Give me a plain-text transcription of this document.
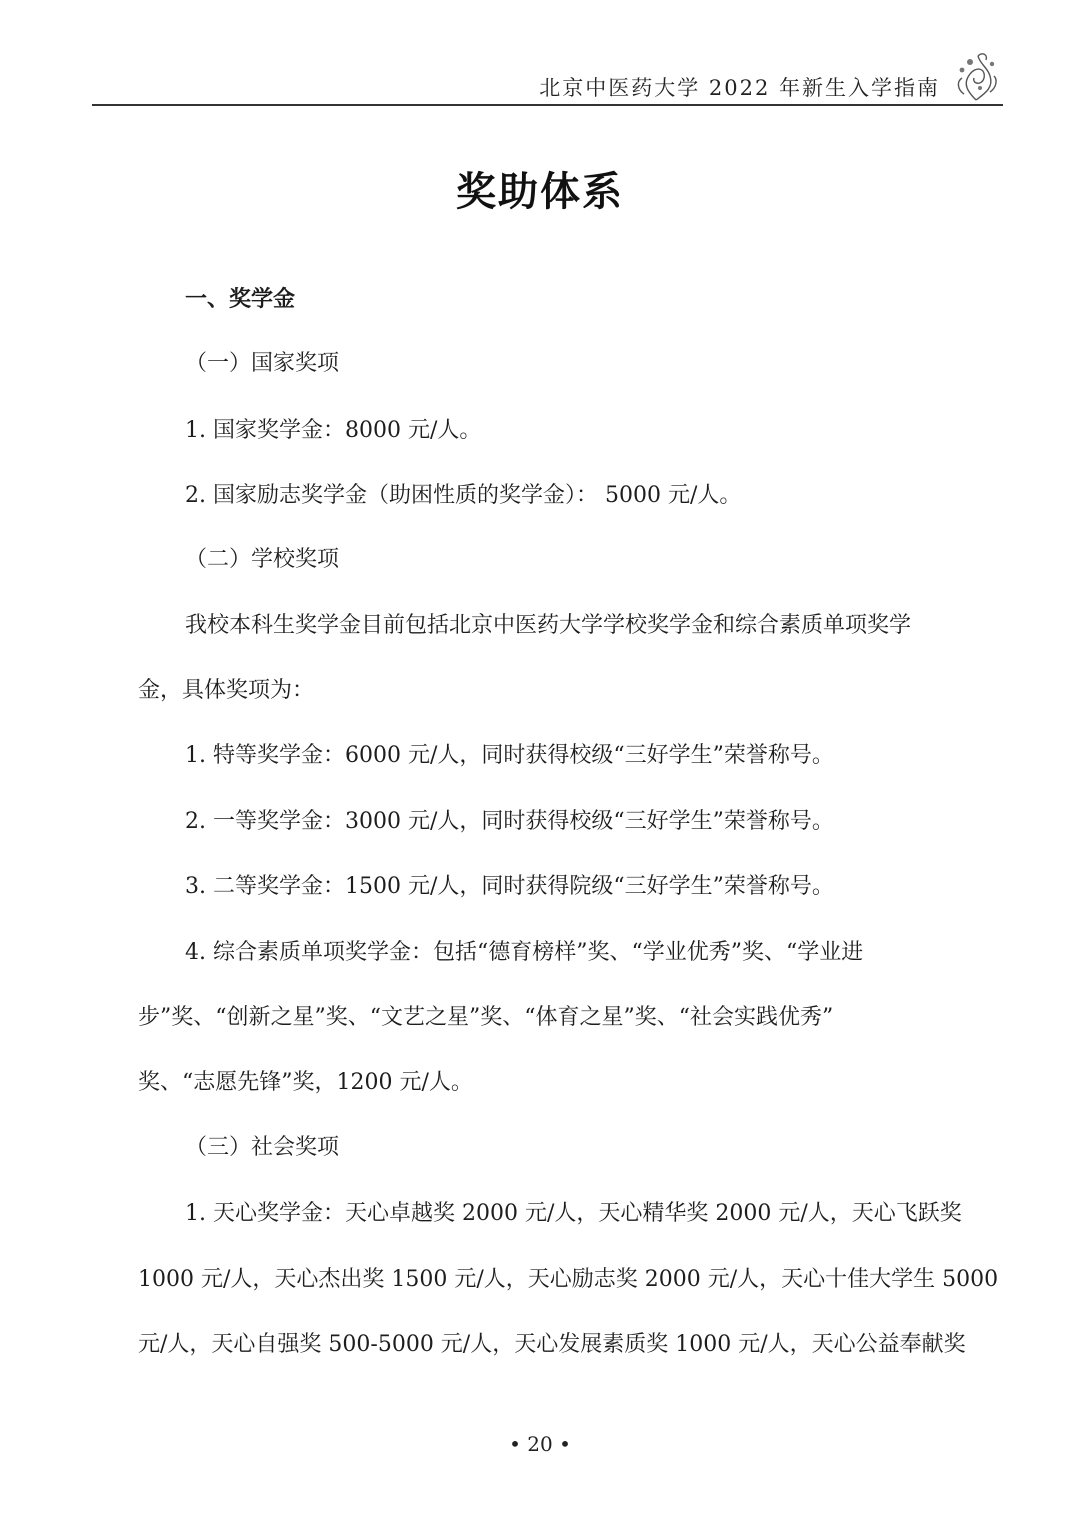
北京中医药大学 2022 年新生入学指南
奖助体系
一、奖学金
（一）国家奖项
1. 国家奖学金：8000 元/人。
2. 国家励志奖学金（助困性质的奖学金）： 5000 元/人。
（二）学校奖项
我校本科生奖学金目前包括北京中医药大学学校奖学金和综合素质单项奖学
金，具体奖项为：
1. 特等奖学金：6000 元/人，同时获得校级“三好学生”荣誉称号。
2. 一等奖学金：3000 元/人，同时获得校级“三好学生”荣誉称号。
3. 二等奖学金：1500 元/人，同时获得院级“三好学生”荣誉称号。
4. 综合素质单项奖学金：包括“德育榜样”奖、“学业优秀”奖、“学业进
步”奖、“创新之星”奖、“文艺之星”奖、“体育之星”奖、“社会实践优秀”
奖、“志愿先锋”奖，1200 元/人。
（三）社会奖项
1. 天心奖学金：天心卓越奖 2000 元/人，天心精华奖 2000 元/人，天心飞跃奖
1000 元/人，天心杰出奖 1500 元/人，天心励志奖 2000 元/人，天心十佳大学生 5000
元/人，天心自强奖 500-5000 元/人，天心发展素质奖 1000 元/人，天心公益奉献奖
• 20 •
